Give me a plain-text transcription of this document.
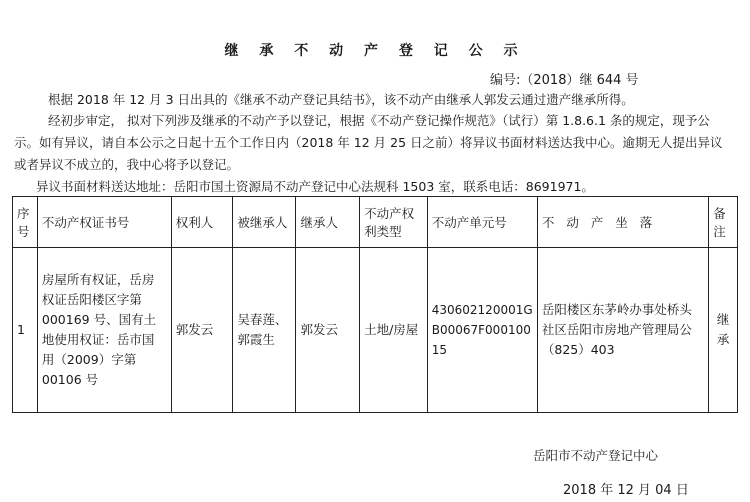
继 承 不 动 产 登 记 公 示
编号:（2018）继 644 号
根据 2018 年 12 月 3 日出具的《继承不动产登记具结书》，该不动产由继承人郭发云通过遗产继承所得。
经初步审定， 拟对下列涉及继承的不动产予以登记，根据《不动产登记操作规范》（试行）第 1.8.6.1 条的规定，现予公示。如有异议，请自本公示之日起十五个工作日内（2018 年 12 月 25 日之前）将异议书面材料送达我中心。逾期无人提出异议或者异议不成立的，我中心将予以登记。
异议书面材料送达地址：岳阳市国土资源局不动产登记中心法规科 1503 室，联系电话：8691971。
序号	不动产权证书号	权利人	被继承人	继承人	不动产权利类型	不动产单元号	不 动 产 坐 落	备注
1	房屋所有权证，岳房权证岳阳楼区字第 000169 号、国有土地使用权证：岳市国用（2009）字第 00106 号	郭发云	吴春莲、郭霞生	郭发云	土地/房屋	430602120001GB00067F00010015	岳阳楼区东茅岭办事处桥头社区岳阳市房地产管理局公（825）403	继承
岳阳市不动产登记中心
2018 年 12 月 04 日
